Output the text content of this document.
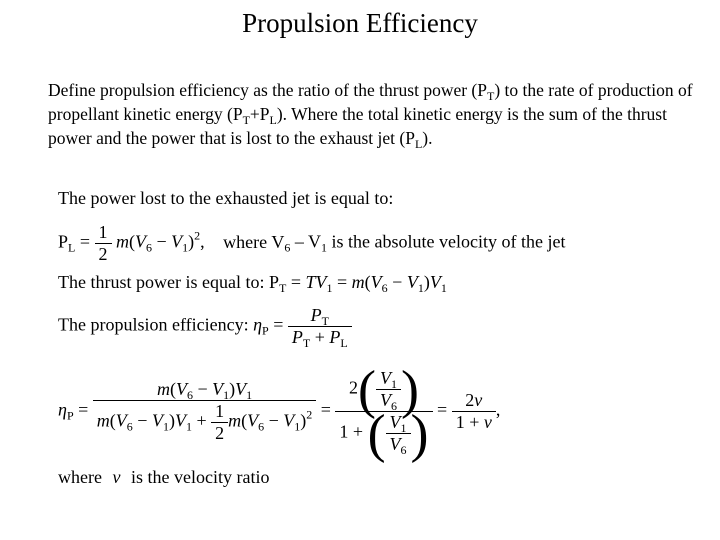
Propulsion Efficiency
Define propulsion efficiency as the ratio of the thrust power $(P_T)$ to the rate of production of propellant kinetic energy $(P_T+P_L)$. Where the total kinetic energy is the sum of the thrust power and the power that is lost to the exhaust jet $(P_L)$.
The power lost to the exhausted jet is equal to:
$P_L = \frac{1}{2} m(V_6 - V_1)^2$, where $V_6 - V_1$ is the absolute velocity of the jet
The thrust power is equal to: $P_T = TV_1 = m(V_6 - V_1)V_1$
The propulsion efficiency: $\eta_P = \frac{P_T}{P_T + P_L}$
$\eta_P = \frac{m(V_6 - V_1)V_1}{m(V_6 - V_1)V_1 + \frac{1}{2} m(V_6 - V_1)^2} = \frac{2( \frac{V_1}{V_6} )}{1 + ( \frac{V_1}{V_6} )} = \frac{2\nu}{1 + \nu}$ ,
where ν is the velocity ratio
